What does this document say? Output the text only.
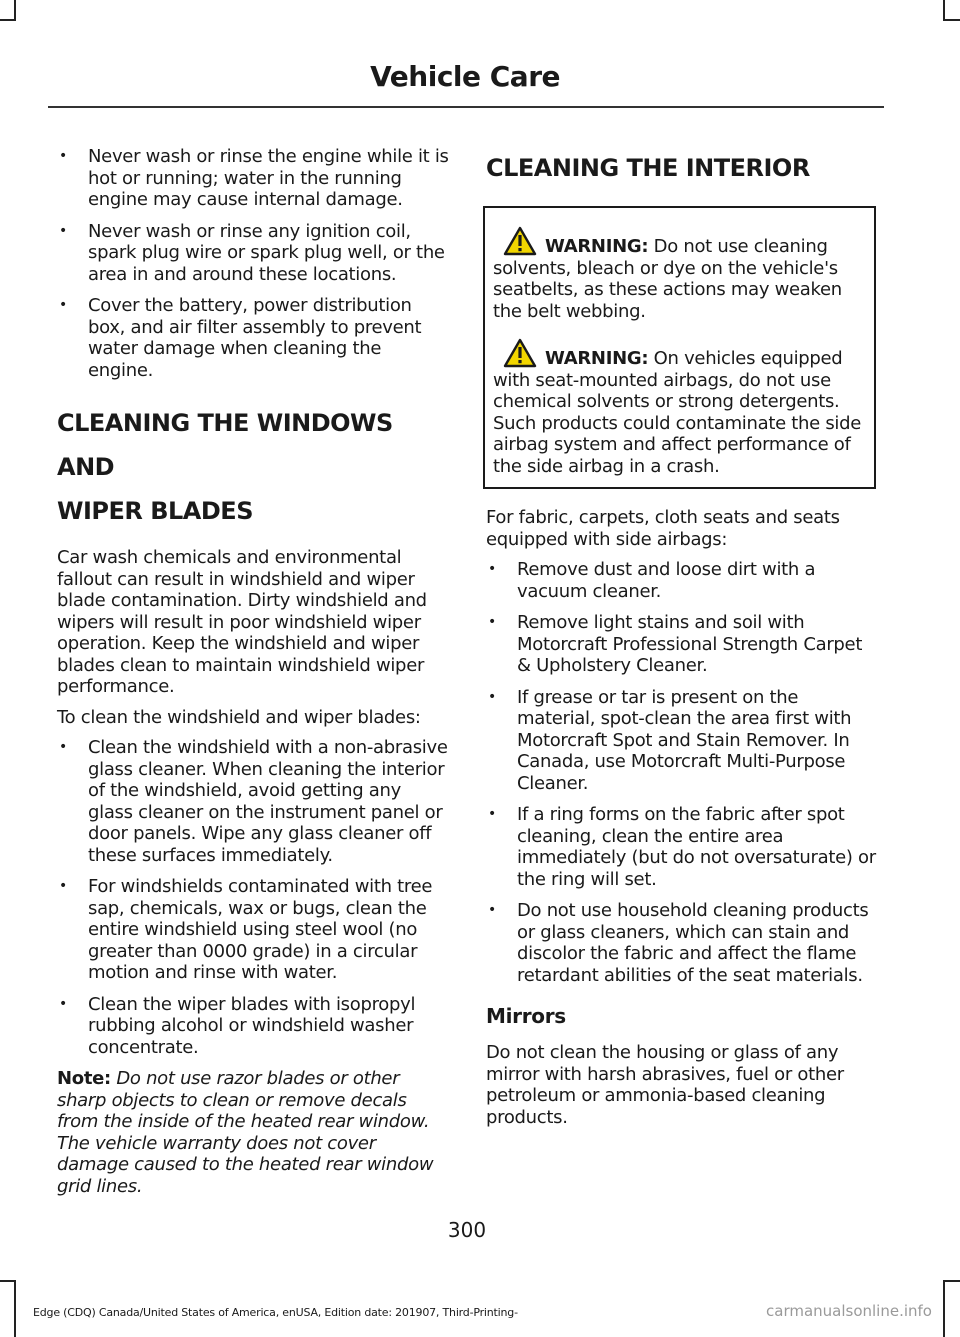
Vehicle Care
• Never wash or rinse the engine while it is hot or running; water in the running engine may cause internal damage.
• Never wash or rinse any ignition coil, spark plug wire or spark plug well, or the area in and around these locations.
• Cover the battery, power distribution box, and air filter assembly to prevent water damage when cleaning the engine.
CLEANING THE WINDOWS AND
WIPER BLADES

Car wash chemicals and environmental fallout can result in windshield and wiper blade contamination. Dirty windshield and wipers will result in poor windshield wiper operation. Keep the windshield and wiper blades clean to maintain windshield wiper performance.

To clean the windshield and wiper blades:

• Clean the windshield with a non-abrasive glass cleaner. When cleaning the interior of the windshield, avoid getting any glass cleaner on the instrument panel or door panels. Wipe any glass cleaner off these surfaces immediately.
• For windshields contaminated with tree sap, chemicals, wax or bugs, clean the entire windshield using steel wool (no greater than 0000 grade) in a circular motion and rinse with water.
• Clean the wiper blades with isopropyl rubbing alcohol or windshield washer concentrate.

Note: Do not use razor blades or other sharp objects to clean or remove decals from the inside of the heated rear window. The vehicle warranty does not cover damage caused to the heated rear window grid lines.

CLEANING THE INTERIOR

WARNING: Do not use cleaning solvents, bleach or dye on the vehicle's seatbelts, as these actions may weaken the belt webbing.

WARNING: On vehicles equipped with seat-mounted airbags, do not use chemical solvents or strong detergents. Such products could contaminate the side airbag system and affect performance of the side airbag in a crash.

For fabric, carpets, cloth seats and seats equipped with side airbags:

• Remove dust and loose dirt with a vacuum cleaner.
• Remove light stains and soil with Motorcraft Professional Strength Carpet & Upholstery Cleaner.
• If grease or tar is present on the material, spot-clean the area first with Motorcraft Spot and Stain Remover. In Canada, use Motorcraft Multi-Purpose Cleaner.
• If a ring forms on the fabric after spot cleaning, clean the entire area immediately (but do not oversaturate) or the ring will set.
• Do not use household cleaning products or glass cleaners, which can stain and discolor the fabric and affect the flame retardant abilities of the seat materials.
Mirrors

Do not clean the housing or glass of any mirror with harsh abrasives, fuel or other petroleum or ammonia-based cleaning products.

300
Edge (CDQ) Canada/United States of America, enUSA, Edition date: 201907, Third-Printing-	carmanualsonline.info
